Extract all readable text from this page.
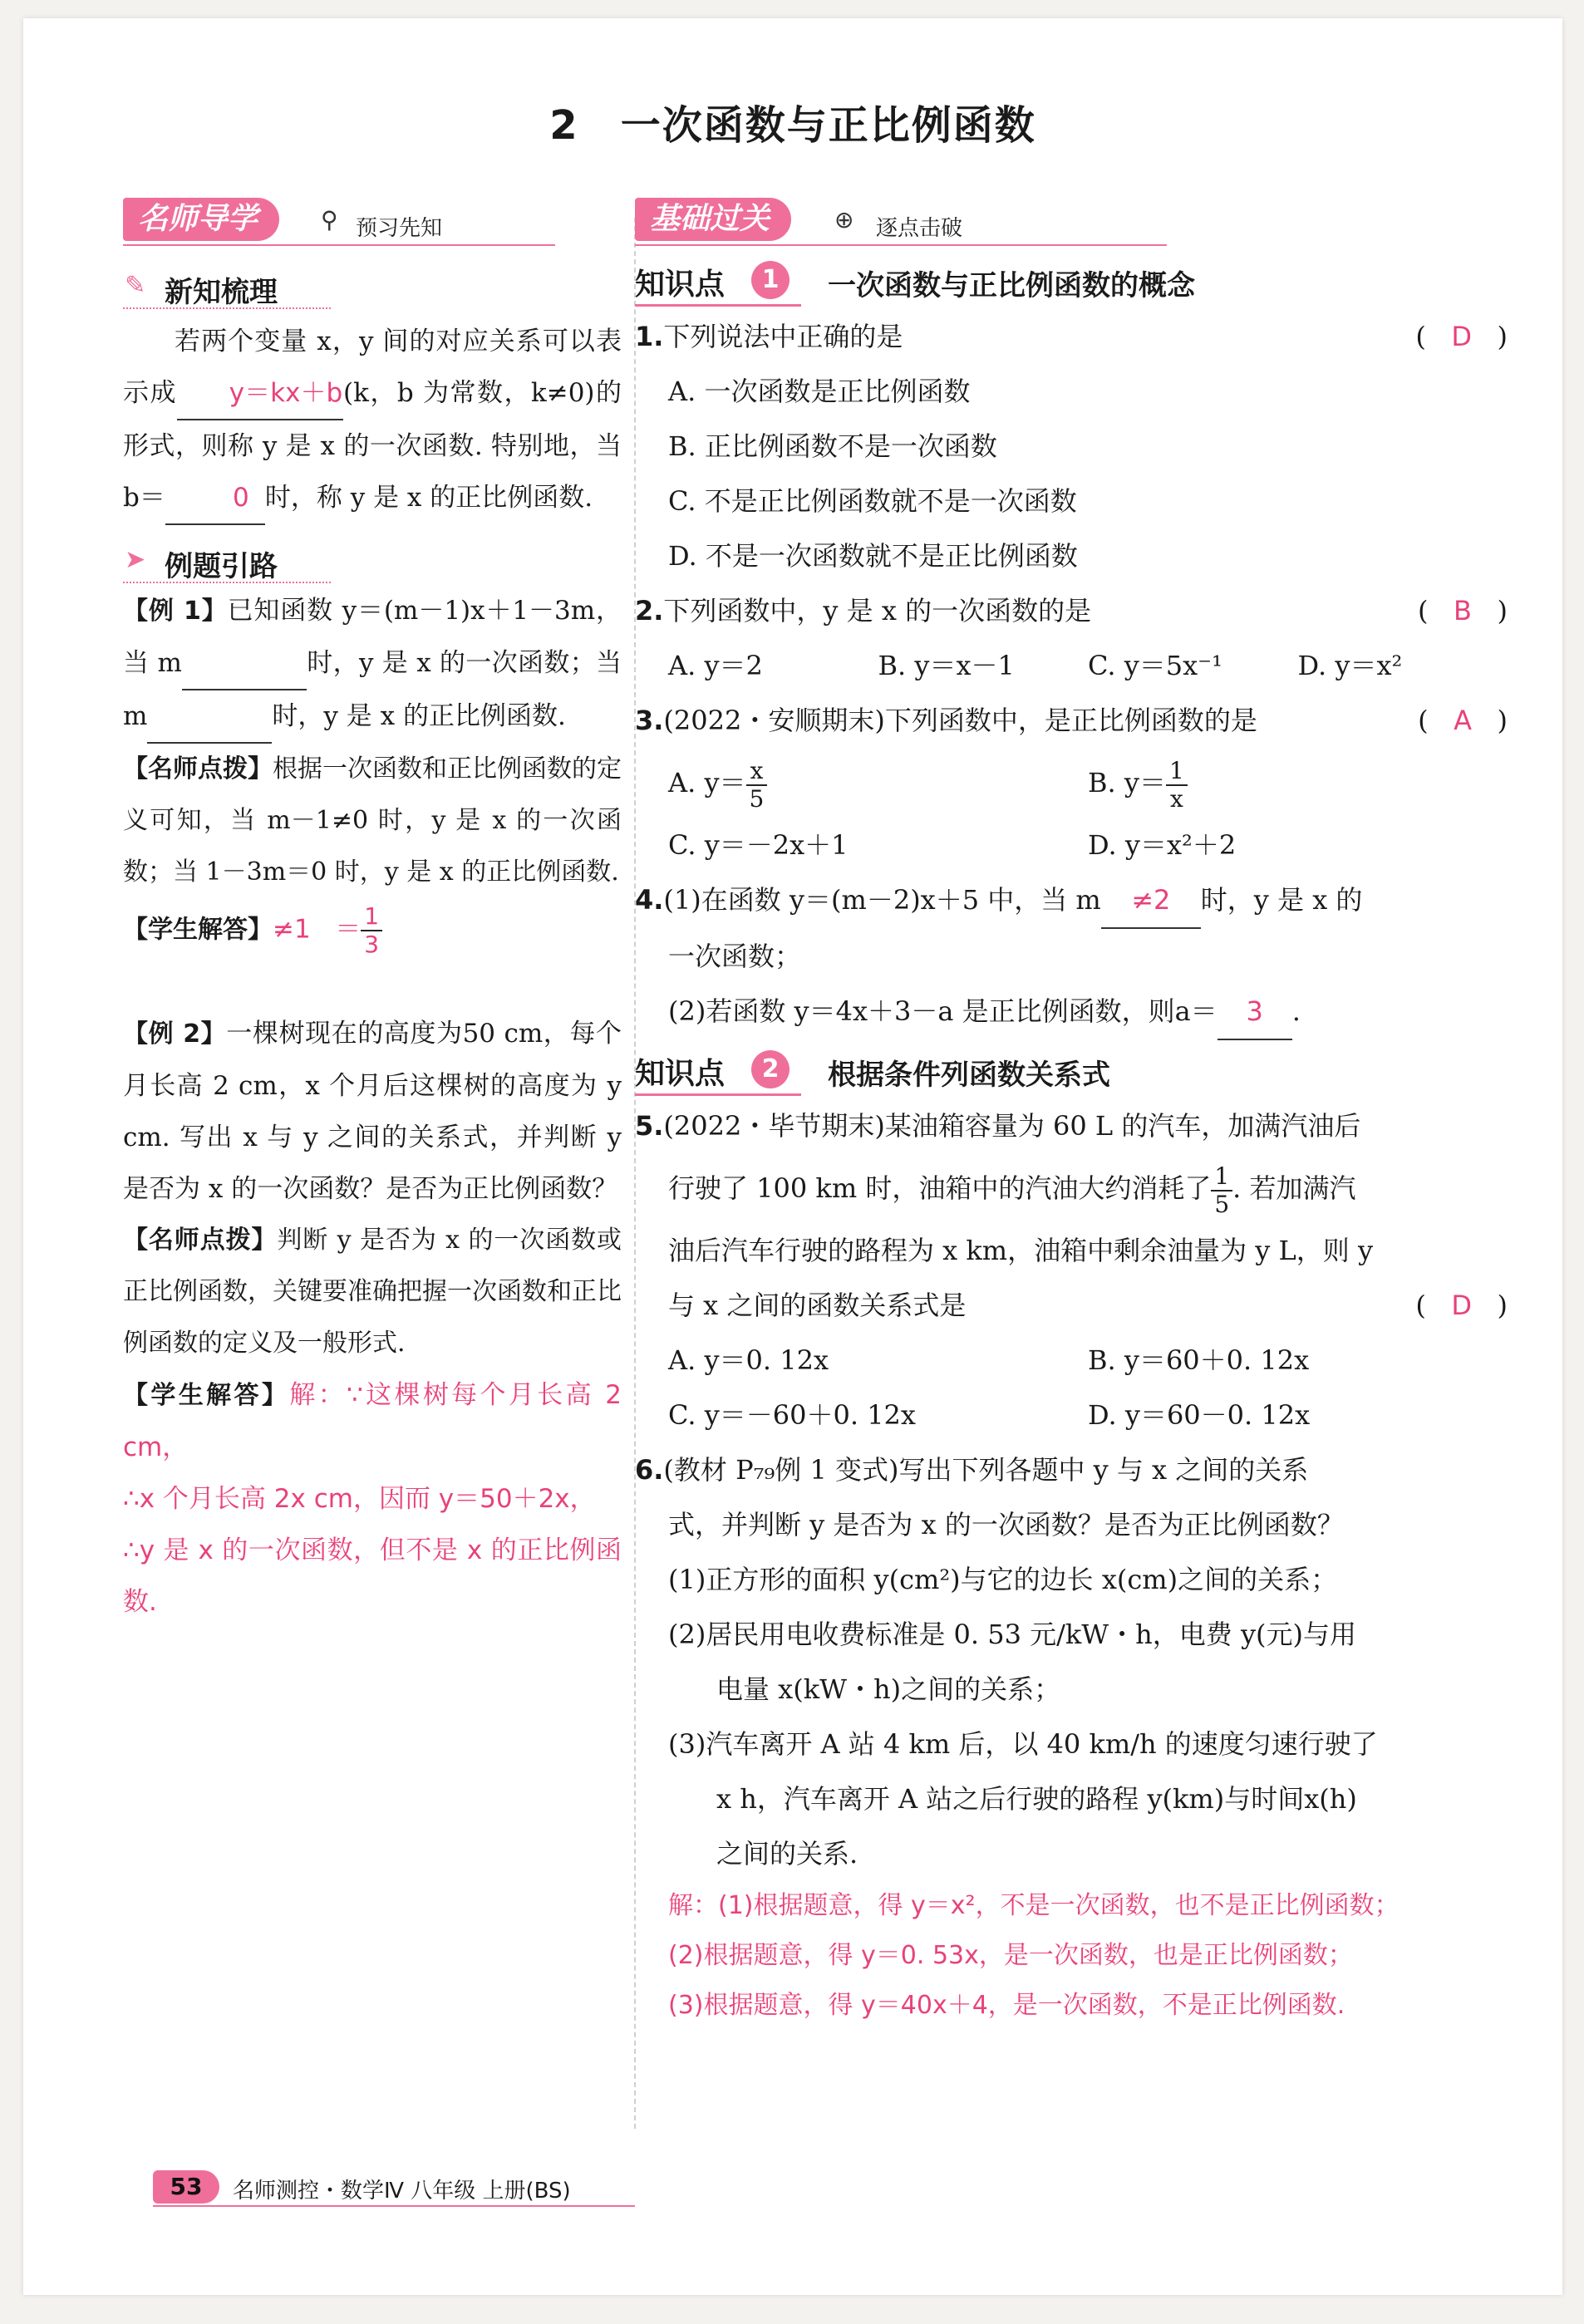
2　一次函数与正比例函数
名师导学	⚲ 预习先知
✎ 新知梳理
若两个变量 x，y 间的对应关系可以表示成 y＝kx＋b(k，b 为常数，k≠0)的形式，则称 y 是 x 的一次函数. 特别地，当 b＝	0 时，称 y 是 x 的正比例函数.
➤ 例题引路
【例 1】已知函数 y＝(m－1)x＋1－3m，当 m	时，y 是 x 的一次函数；当 m	时，y 是 x 的正比例函数.
【名师点拨】根据一次函数和正比例函数的定义可知，当 m－1≠0 时，y 是 x 的一次函数；当 1－3m＝0 时，y 是 x 的正比例函数.
【学生解答】$\ne 1 = \frac{1}{3}$
【例 2】一棵树现在的高度为50 cm，每个月长高 2 cm，x 个月后这棵树的高度为 y cm. 写出 x 与 y 之间的关系式，并判断 y 是否为 x 的一次函数？是否为正比例函数？
【名师点拨】判断 y 是否为 x 的一次函数或正比例函数，关键要准确把握一次函数和正比例函数的定义及一般形式.
【学生解答】解：∵这棵树每个月长高 2 cm，
∴x 个月长高 2x cm，因而 y＝50＋2x，
∴y 是 x 的一次函数，但不是 x 的正比例函数.
基础过关	⊕ 逐点击破
知识点	1	一次函数与正比例函数的概念
1.下列说法中正确的是	(   D   )
A. 一次函数是正比例函数
B. 正比例函数不是一次函数
C. 不是正比例函数就不是一次函数
D. 不是一次函数就不是正比例函数
2.下列函数中，y 是 x 的一次函数的是	(   B   )
A. y＝2	B. y＝x－1	C. y＝5x⁻¹	D. y＝x²
3.(2022・安顺期末)下列函数中，是正比例函数的是	(   A   )
A. $y= \frac{x}{5}$	B. $y= \frac{1}{x}$
C. y＝－2x＋1	D. y＝x²＋2
4.(1)在函数 y＝(m－2)x＋5 中，当 m ≠2 时，y 是 x 的
一次函数；
(2)若函数 y＝4x＋3－a 是正比例函数，则a＝ 3 .
知识点	2	根据条件列函数关系式
5.(2022・毕节期末)某油箱容量为 60 L 的汽车，加满汽油后
行驶了 100 km 时，油箱中的汽油大约消耗了 $\frac{1}{5}$ . 若加满汽
油后汽车行驶的路程为 x km，油箱中剩余油量为 y L，则 y
与 x 之间的函数关系式是	(   D   )
A. y＝0. 12x	B. y＝60＋0. 12x
C. y＝－60＋0. 12x	D. y＝60－0. 12x
6.(教材 P₇₉例 1 变式)写出下列各题中 y 与 x 之间的关系
式，并判断 y 是否为 x 的一次函数？是否为正比例函数？
(1)正方形的面积 y(cm²)与它的边长 x(cm)之间的关系；
(2)居民用电收费标准是 0. 53 元/kW・h，电费 y(元)与用
电量 x(kW・h)之间的关系；
(3)汽车离开 A 站 4 km 后，以 40 km/h 的速度匀速行驶了
x h，汽车离开 A 站之后行驶的路程 y(km)与时间x(h)
之间的关系.
解：(1)根据题意，得 y＝x²，不是一次函数，也不是正比例函数；
(2)根据题意，得 y＝0. 53x，是一次函数，也是正比例函数；
(3)根据题意，得 y＝40x＋4，是一次函数，不是正比例函数.
53	名师测控・数学Ⅳ 八年级 上册(BS)
